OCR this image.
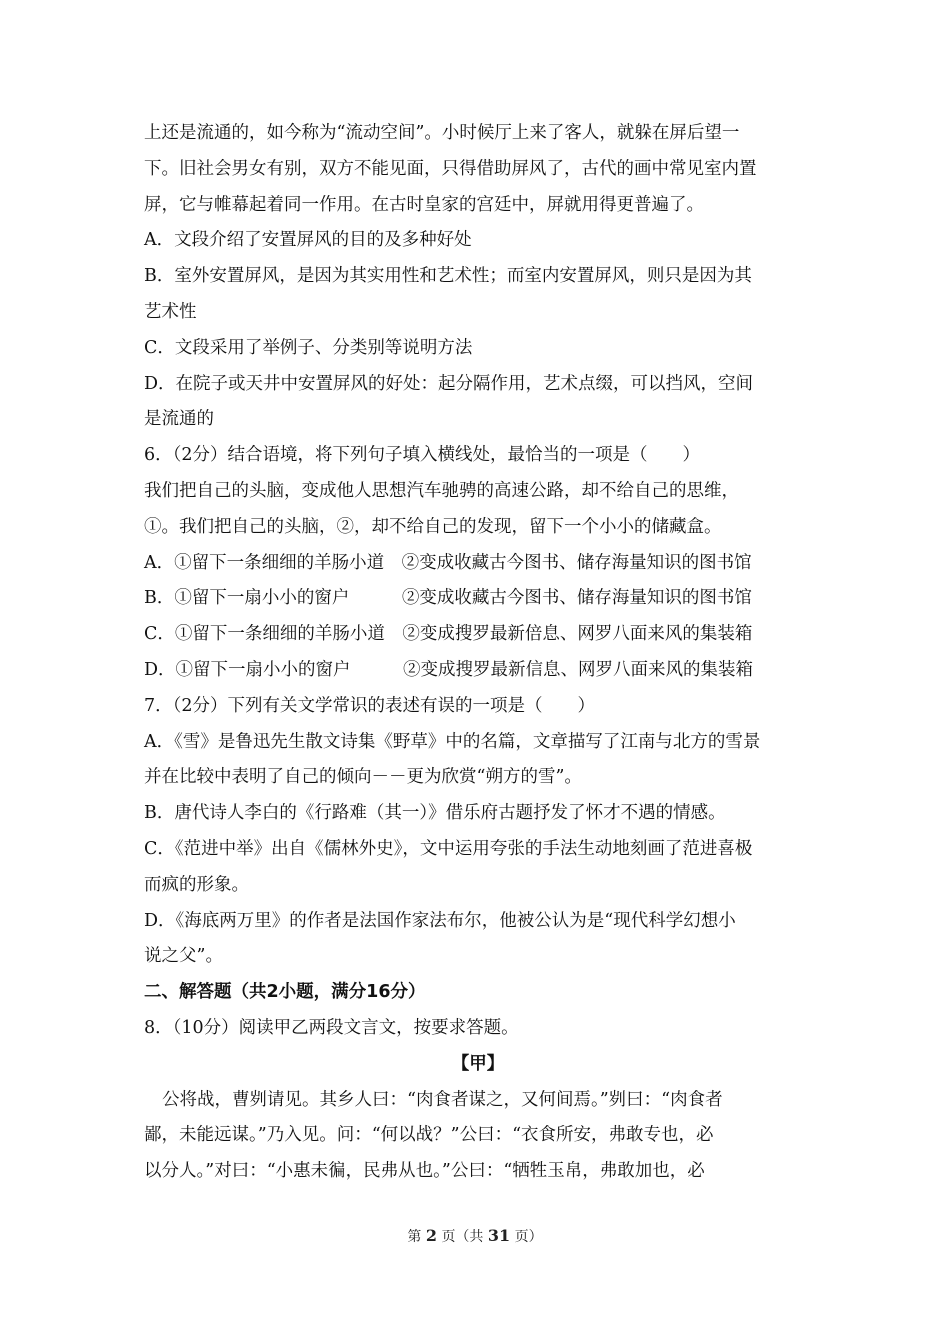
上还是流通的，如今称为“流动空间”。小时候厅上来了客人，就躲在屏后望一
下。旧社会男女有别，双方不能见面，只得借助屏风了，古代的画中常见室内置
屏，它与帷幕起着同一作用。在古时皇家的宫廷中，屏就用得更普遍了。
A．文段介绍了安置屏风的目的及多种好处
B．室外安置屏风，是因为其实用性和艺术性；而室内安置屏风，则只是因为其
艺术性
C．文段采用了举例子、分类别等说明方法
D．在院子或天井中安置屏风的好处：起分隔作用，艺术点缀，可以挡风，空间
是流通的
6．（2分）结合语境，将下列句子填入横线处，最恰当的一项是（　　）
我们把自己的头脑，变成他人思想汽车驰骋的高速公路，却不给自己的思维，
①。我们把自己的头脑，②，却不给自己的发现，留下一个小小的储藏盒。
A．①留下一条细细的羊肠小道　②变成收藏古今图书、储存海量知识的图书馆
B．①留下一扇小小的窗户　　　②变成收藏古今图书、储存海量知识的图书馆
C．①留下一条细细的羊肠小道　②变成搜罗最新倍息、网罗八面来风的集装箱
D．①留下一扇小小的窗户　　　②变成搜罗最新信息、网罗八面来风的集装箱
7．（2分）下列有关文学常识的表述有误的一项是（　　）
A．《雪》是鲁迅先生散文诗集《野草》中的名篇，文章描写了江南与北方的雪景
并在比较中表明了自己的倾向－－更为欣赏“朔方的雪”。
B．唐代诗人李白的《行路难（其一）》借乐府古题抒发了怀才不遇的情感。
C．《范进中举》出自《儒林外史》，文中运用夸张的手法生动地刻画了范进喜极
而疯的形象。
D．《海底两万里》的作者是法国作家法布尔，他被公认为是“现代科学幻想小
说之父”。
二、解答题（共2小题，满分16分）
8．（10分）阅读甲乙两段文言文，按要求答题。
【甲】
公将战，曹刿请见。其乡人曰：“肉食者谋之，又何间焉。”刿曰：“肉食者
鄙，未能远谋。”乃入见。问：“何以战？”公曰：“衣食所安，弗敢专也，必
以分人。”对曰：“小惠未徧，民弗从也。”公曰：“牺牲玉帛，弗敢加也，必
第 2 页（共 31 页）
